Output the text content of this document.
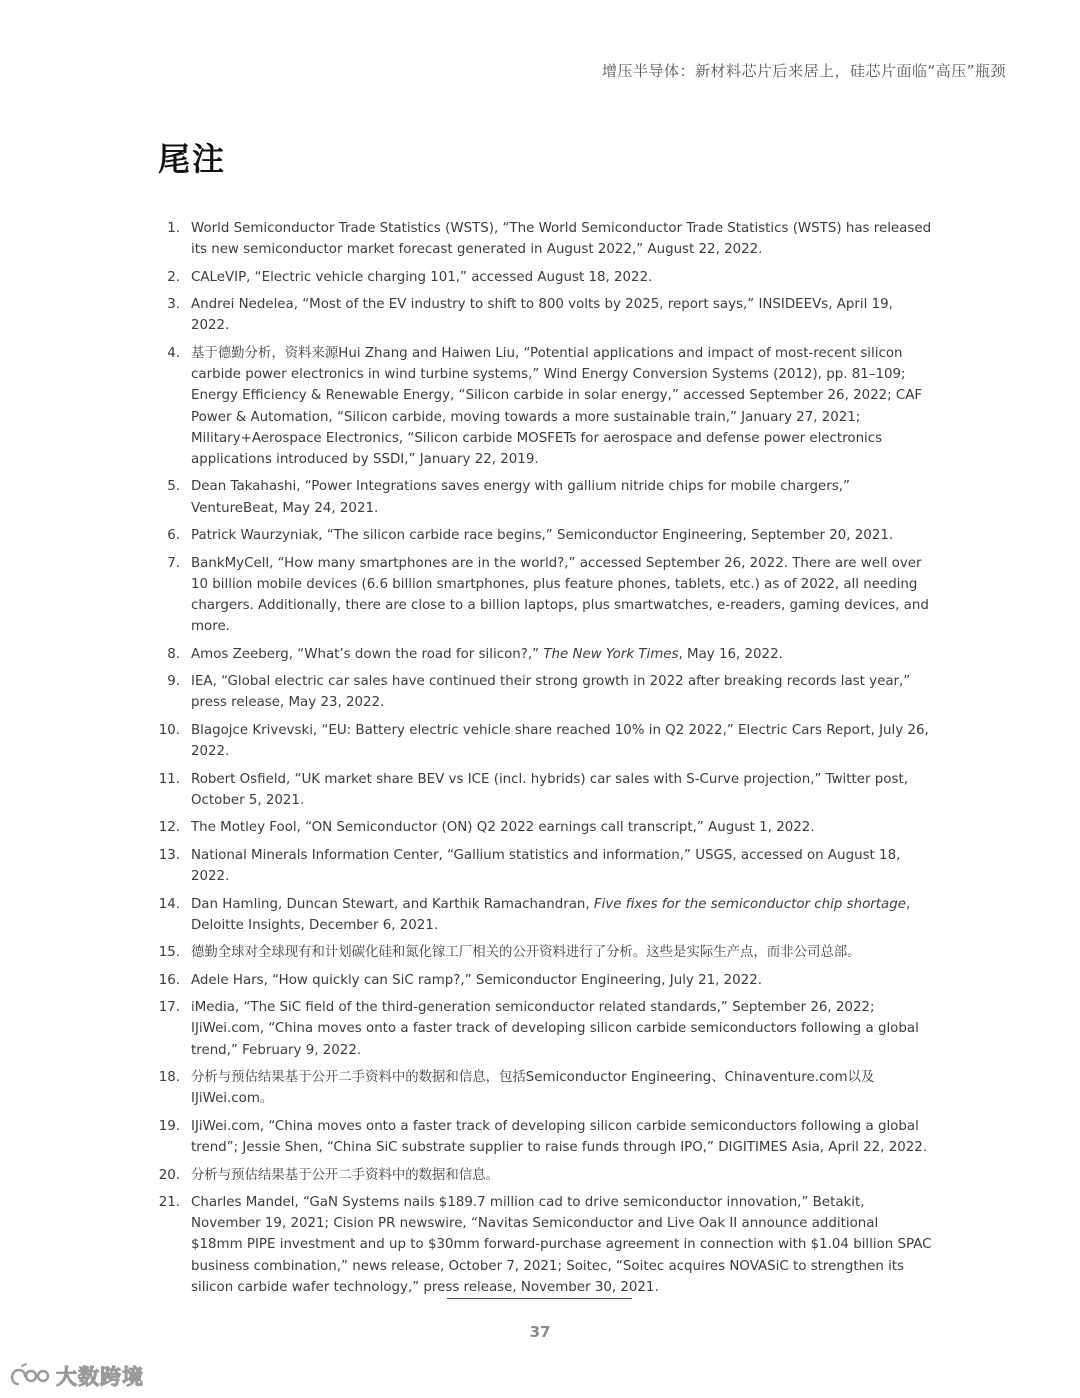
增压半导体：新材料芯片后来居上，硅芯片面临“高压”瓶颈
尾注
1. World Semiconductor Trade Statistics (WSTS), “The World Semiconductor Trade Statistics (WSTS) has released its new semiconductor market forecast generated in August 2022,” August 22, 2022.
2. CALeVIP, “Electric vehicle charging 101,” accessed August 18, 2022.
3. Andrei Nedelea, “Most of the EV industry to shift to 800 volts by 2025, report says,” INSIDEEVs, April 19, 2022.
4. 基于德勤分析，资料来源Hui Zhang and Haiwen Liu, “Potential applications and impact of most-recent silicon carbide power electronics in wind turbine systems,” Wind Energy Conversion Systems (2012), pp. 81–109; Energy Efficiency & Renewable Energy, “Silicon carbide in solar energy,” accessed September 26, 2022; CAF Power & Automation, “Silicon carbide, moving towards a more sustainable train,” January 27, 2021; Military+Aerospace Electronics, “Silicon carbide MOSFETs for aerospace and defense power electronics applications introduced by SSDI,” January 22, 2019.
5. Dean Takahashi, “Power Integrations saves energy with gallium nitride chips for mobile chargers,” VentureBeat, May 24, 2021.
6. Patrick Waurzyniak, “The silicon carbide race begins,” Semiconductor Engineering, September 20, 2021.
7. BankMyCell, “How many smartphones are in the world?,” accessed September 26, 2022. There are well over 10 billion mobile devices (6.6 billion smartphones, plus feature phones, tablets, etc.) as of 2022, all needing chargers. Additionally, there are close to a billion laptops, plus smartwatches, e-readers, gaming devices, and more.
8. Amos Zeeberg, “What’s down the road for silicon?,” The New York Times, May 16, 2022.
9. IEA, “Global electric car sales have continued their strong growth in 2022 after breaking records last year,” press release, May 23, 2022.
10. Blagojce Krivevski, “EU: Battery electric vehicle share reached 10% in Q2 2022,” Electric Cars Report, July 26, 2022.
11. Robert Osfield, “UK market share BEV vs ICE (incl. hybrids) car sales with S-Curve projection,” Twitter post, October 5, 2021.
12. The Motley Fool, “ON Semiconductor (ON) Q2 2022 earnings call transcript,” August 1, 2022.
13. National Minerals Information Center, “Gallium statistics and information,” USGS, accessed on August 18, 2022.
14. Dan Hamling, Duncan Stewart, and Karthik Ramachandran, Five fixes for the semiconductor chip shortage, Deloitte Insights, December 6, 2021.
15. 德勤全球对全球现有和计划碳化硅和氮化镓工厂相关的公开资料进行了分析。这些是实际生产点，而非公司总部。
16. Adele Hars, “How quickly can SiC ramp?,” Semiconductor Engineering, July 21, 2022.
17. iMedia, “The SiC field of the third-generation semiconductor related standards,” September 26, 2022; IJiWei.com, “China moves onto a faster track of developing silicon carbide semiconductors following a global trend,” February 9, 2022.
18. 分析与预估结果基于公开二手资料中的数据和信息，包括Semiconductor Engineering、Chinaventure.com以及IJiWei.com。
19. IJiWei.com, “China moves onto a faster track of developing silicon carbide semiconductors following a global trend”; Jessie Shen, “China SiC substrate supplier to raise funds through IPO,” DIGITIMES Asia, April 22, 2022.
20. 分析与预估结果基于公开二手资料中的数据和信息。
21. Charles Mandel, “GaN Systems nails $189.7 million cad to drive semiconductor innovation,” Betakit, November 19, 2021; Cision PR newswire, “Navitas Semiconductor and Live Oak II announce additional $18mm PIPE investment and up to $30mm forward-purchase agreement in connection with $1.04 billion SPAC business combination,” news release, October 7, 2021; Soitec, “Soitec acquires NOVASiC to strengthen its silicon carbide wafer technology,” press release, November 30, 2021.
37
大数跨境
